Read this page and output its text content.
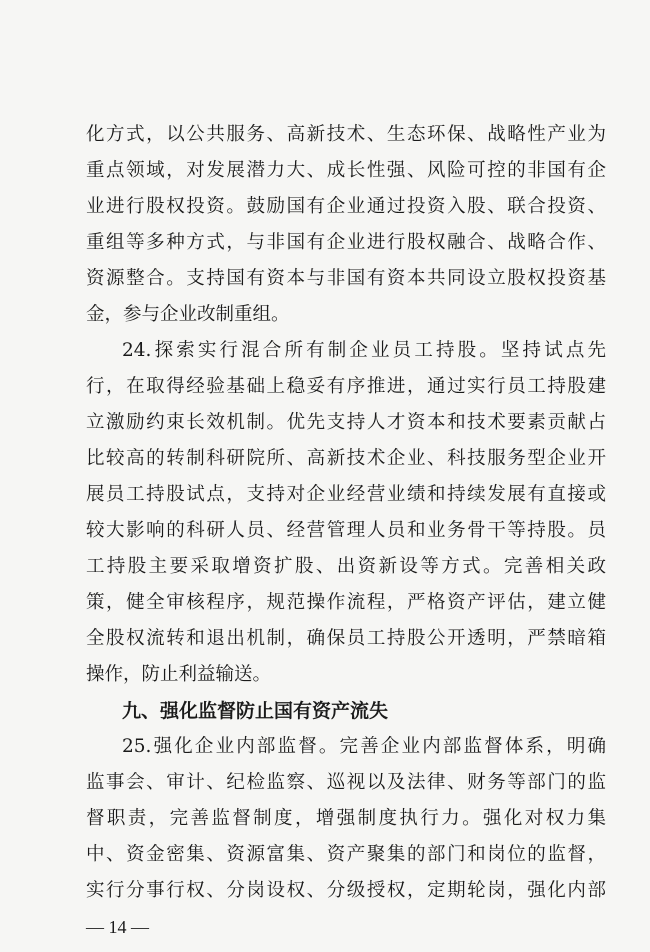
化方式，以公共服务、高新技术、生态环保、战略性产业为
重点领域，对发展潜力大、成长性强、风险可控的非国有企
业进行股权投资。鼓励国有企业通过投资入股、联合投资、
重组等多种方式，与非国有企业进行股权融合、战略合作、
资源整合。支持国有资本与非国有资本共同设立股权投资基
金，参与企业改制重组。
24.探索实行混合所有制企业员工持股。坚持试点先
行，在取得经验基础上稳妥有序推进，通过实行员工持股建
立激励约束长效机制。优先支持人才资本和技术要素贡献占
比较高的转制科研院所、高新技术企业、科技服务型企业开
展员工持股试点，支持对企业经营业绩和持续发展有直接或
较大影响的科研人员、经营管理人员和业务骨干等持股。员
工持股主要采取增资扩股、出资新设等方式。完善相关政
策，健全审核程序，规范操作流程，严格资产评估，建立健
全股权流转和退出机制，确保员工持股公开透明，严禁暗箱
操作，防止利益输送。
九、强化监督防止国有资产流失
25.强化企业内部监督。完善企业内部监督体系，明确
监事会、审计、纪检监察、巡视以及法律、财务等部门的监
督职责，完善监督制度，增强制度执行力。强化对权力集
中、资金密集、资源富集、资产聚集的部门和岗位的监督，
实行分事行权、分岗设权、分级授权，定期轮岗，强化内部
— 14 —
